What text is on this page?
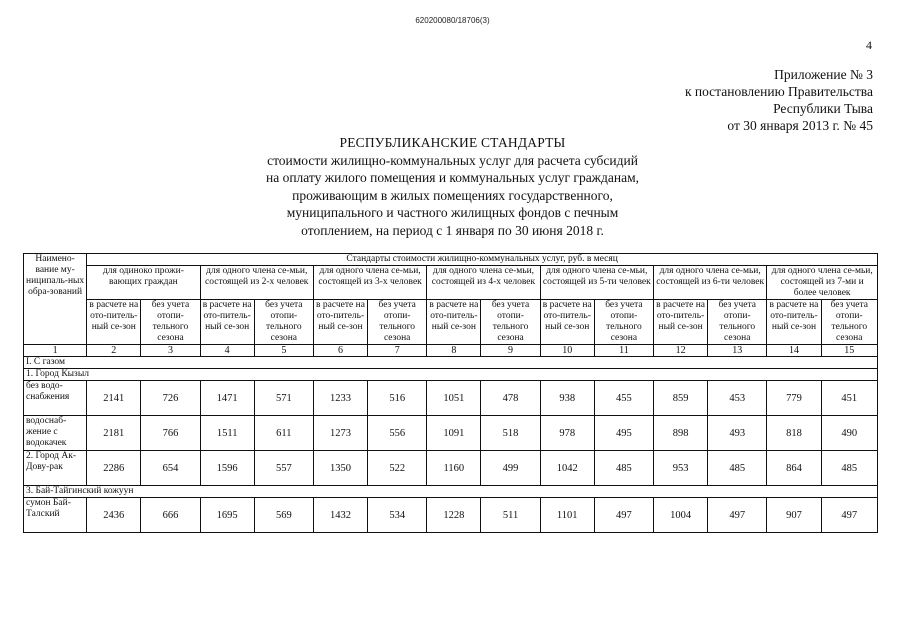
620200080/18706(3)
4
Приложение № 3
к постановлению Правительства
Республики Тыва
от 30 января 2013 г. № 45
РЕСПУБЛИКАНСКИЕ СТАНДАРТЫ
стоимости жилищно-коммунальных услуг для расчета субсидий
на оплату жилого помещения и коммунальных услуг гражданам,
проживающим в жилых помещениях государственного,
муниципального и частного жилищных фондов с печным
отоплением, на период с 1 января по 30 июня 2018 г.
Наимено-вание му-ниципаль-ных обра-зований	Стандарты стоимости жилищно-коммунальных услуг, руб. в месяц													
	для одиноко прожи-вающих граждан		для одного члена се-мьи, состоящей из 2-х человек		для одного члена се-мьи, состоящей из 3-х человек		для одного члена се-мьи, состоящей из 4-х человек		для одного члена се-мьи, состоящей из 5-ти человек		для одного члена се-мьи, состоящей из 6-ти человек		для одного члена се-мьи, состоящей из 7-ми и более человек	
	в расчете на ото-питель-ный се-зон	без учета отопи-тельного сезона	в расчете на ото-питель-ный се-зон	без учета отопи-тельного сезона	в расчете на ото-питель-ный се-зон	без учета отопи-тельного сезона	в расчете на ото-питель-ный се-зон	без учета отопи-тельного сезона	в расчете на ото-питель-ный се-зон	без учета отопи-тельного сезона	в расчете на ото-питель-ный се-зон	без учета отопи-тельного сезона	в расчете на ото-питель-ный се-зон	без учета отопи-тельного сезона
1	2	3	4	5	6	7	8	9	10	11	12	13	14	15
I. С газом														
1. Город Кызыл														
без водо-снабжения	2141	726	1471	571	1233	516	1051	478	938	455	859	453	779	451
водоснаб-жение с водокачек	2181	766	1511	611	1273	556	1091	518	978	495	898	493	818	490
2. Город Ак-Дову-рак	2286	654	1596	557	1350	522	1160	499	1042	485	953	485	864	485
3. Бай-Тайгинский кожуун														
сумон Бай-Талский	2436	666	1695	569	1432	534	1228	511	1101	497	1004	497	907	497
